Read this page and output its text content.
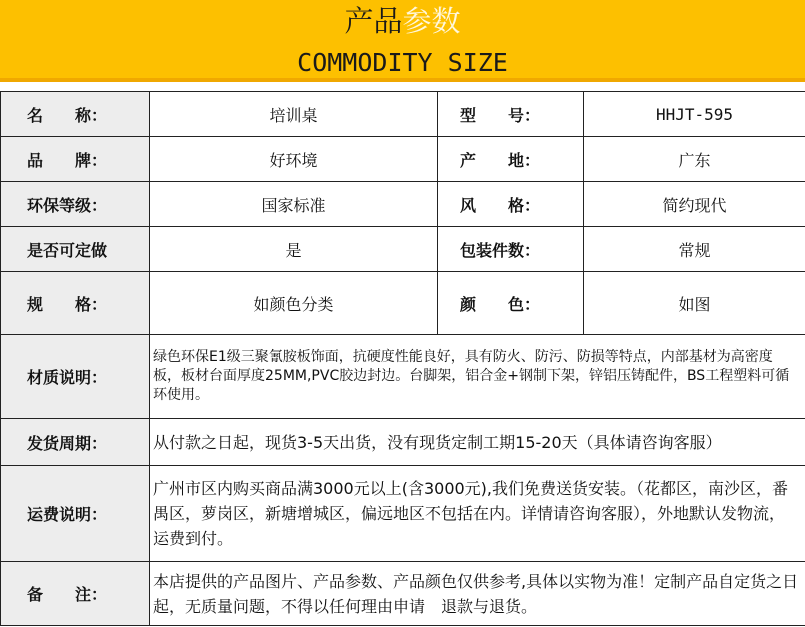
产品参数
COMMODITY SIZE
名　　称：	培训桌	型　　号：	HHJT-595
品　　牌：	好环境	产　　地：	广东
环保等级：	国家标准	风　　格：	简约现代
是否可定做	是	包装件数：	常规
规　　格：	如颜色分类	颜　　色：	如图
材质说明：	绿色环保E1级三聚氰胺板饰面，抗硬度性能良好，具有防火、防污、防损等特点，内部基材为高密度板，板材台面厚度25MM,PVC胶边封边。台脚架，铝合金+钢制下架，锌铝压铸配件，BS工程塑料可循环使用。		
发货周期：	从付款之日起，现货3-5天出货，没有现货定制工期15-20天（具体请咨询客服）		
运费说明：	广州市区内购买商品满3000元以上(含3000元),我们免费送货安装。（花都区，南沙区，番禺区，萝岗区，新塘增城区，偏远地区不包括在内。详情请咨询客服），外地默认发物流，运费到付。		
备　　注：	本店提供的产品图片、产品参数、产品颜色仅供参考,具体以实物为准！定制产品自定货之日起，无质量问题，不得以任何理由申请　退款与退货。		
